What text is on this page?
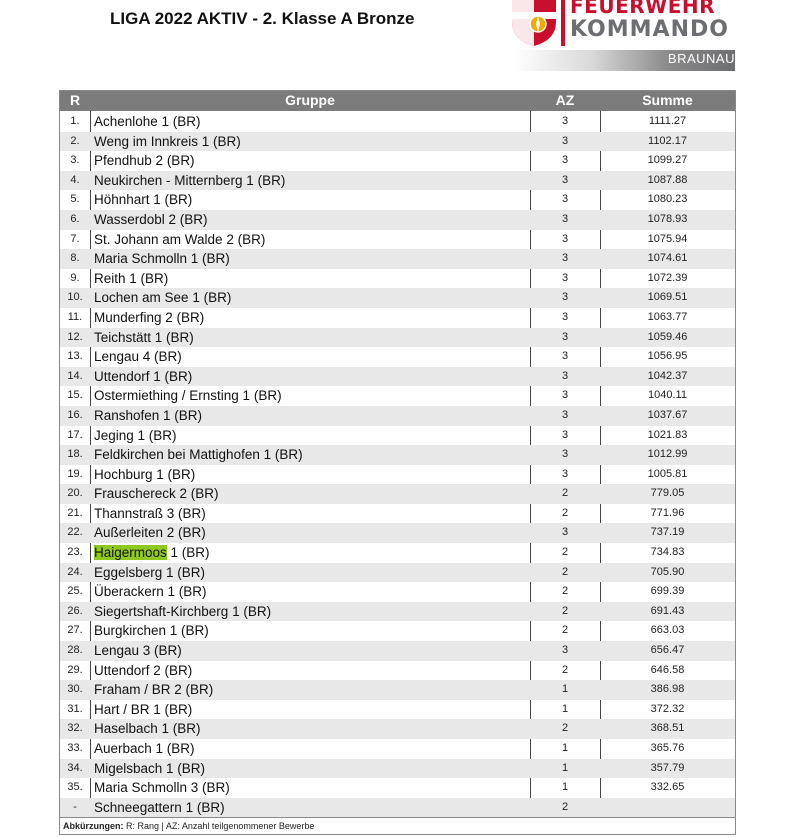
LIGA 2022 AKTIV - 2. Klasse A Bronze
FEUERWEHR
KOMMANDO
BRAUNAU
R	Gruppe	AZ	Summe
1.	Achenlohe 1 (BR)	3	1111.27
2.	Weng im Innkreis 1 (BR)	3	1102.17
3.	Pfendhub 2 (BR)	3	1099.27
4.	Neukirchen - Mitternberg 1 (BR)	3	1087.88
5.	Höhnhart 1 (BR)	3	1080.23
6.	Wasserdobl 2 (BR)	3	1078.93
7.	St. Johann am Walde 2 (BR)	3	1075.94
8.	Maria Schmolln 1 (BR)	3	1074.61
9.	Reith 1 (BR)	3	1072.39
10. Lochen am See 1 (BR)	3	1069.51
11. Munderfing 2 (BR)	3	1063.77
12. Teichstätt 1 (BR)	3	1059.46
13. Lengau 4 (BR)	3	1056.95
14. Uttendorf 1 (BR)	3	1042.37
15. Ostermiething / Ernsting 1 (BR)	3	1040.11
16. Ranshofen 1 (BR)	3	1037.67
17. Jeging 1 (BR)	3	1021.83
18. Feldkirchen bei Mattighofen 1 (BR)	3	1012.99
19. Hochburg 1 (BR)	3	1005.81
20. Frauschereck 2 (BR)	2	779.05
21. Thannstraß 3 (BR)	2	771.96
22. Außerleiten 2 (BR)	3	737.19
23. Haigermoos 1 (BR)	2	734.83
24. Eggelsberg 1 (BR)	2	705.90
25. Überackern 1 (BR)	2	699.39
26. Siegertshaft-Kirchberg 1 (BR)	2	691.43
27. Burgkirchen 1 (BR)	2	663.03
28. Lengau 3 (BR)	3	656.47
29. Uttendorf 2 (BR)	2	646.58
30. Fraham / BR 2 (BR)	1	386.98
31. Hart / BR 1 (BR)	1	372.32
32. Haselbach 1 (BR)	2	368.51
33. Auerbach 1 (BR)	1	365.76
34. Migelsbach 1 (BR)	1	357.79
35. Maria Schmolln 3 (BR)	1	332.65
-	Schneegattern 1 (BR)	2
Abkürzungen: R: Rang | AZ: Anzahl teilgenommener Bewerbe
